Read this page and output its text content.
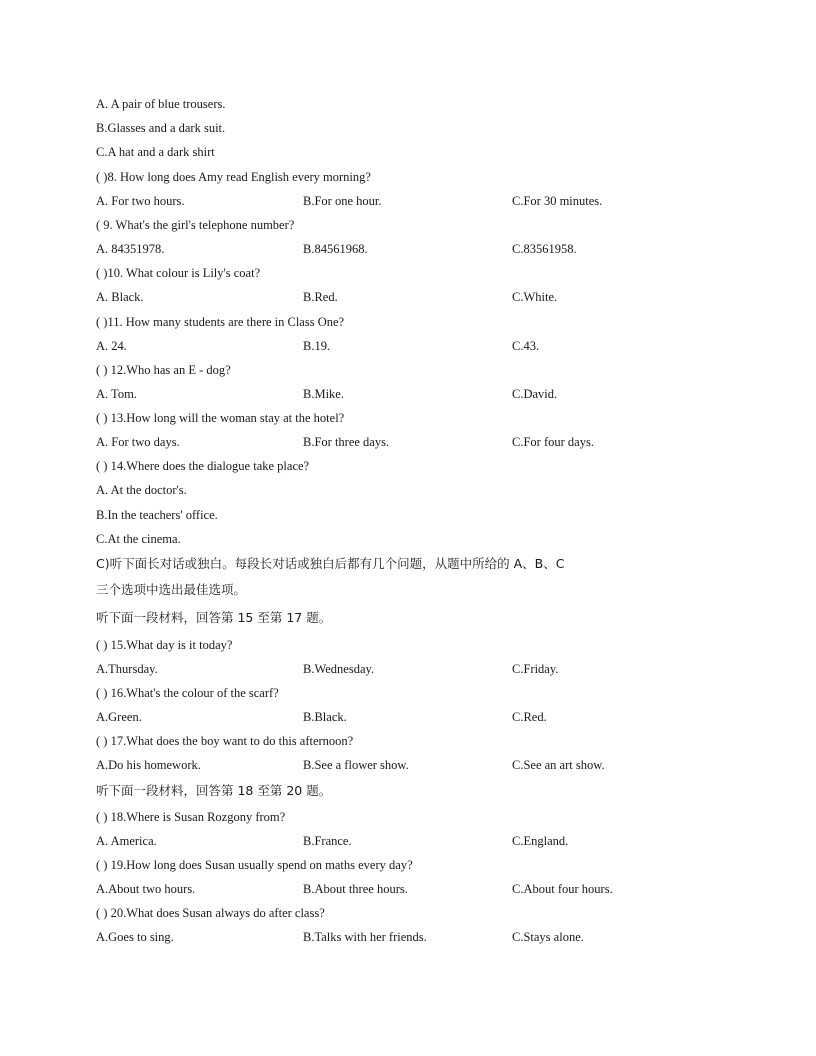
A. A pair of blue trousers.
B.Glasses and a dark suit.
C.A hat and a dark shirt
( )8. How long does Amy read English every morning?
A. For two hours.	B.For one hour.	C.For 30 minutes.
( 9. What's the girl's telephone number?
A. 84351978.	B.84561968.	C.83561958.
( )10. What colour is Lily's coat?
A. Black.	B.Red.	C.White.
( )11. How many students are there in Class One?
A. 24.	B.19.	C.43.
( ) 12.Who has an E - dog?
A. Tom.	B.Mike.	C.David.
( ) 13.How long will the woman stay at the hotel?
A. For two days.	B.For three days.	C.For four days.
( ) 14.Where does the dialogue take place?
A. At the doctor's.
B.In the teachers' office.
C.At the cinema.
C)听下面长对话或独白。每段长对话或独白后都有几个问题，从题中所给的 A、B、C
三个选项中选出最佳选项。
听下面一段材料，回答第 15 至第 17 题。
( ) 15.What day is it today?
A.Thursday.	B.Wednesday.	C.Friday.
( ) 16.What's the colour of the scarf?
A.Green.	B.Black.	C.Red.
( ) 17.What does the boy want to do this afternoon?
A.Do his homework.	B.See a flower show.	C.See an art show.
听下面一段材料，回答第 18 至第 20 题。
( ) 18.Where is Susan Rozgony from?
A. America.	B.France.	C.England.
( ) 19.How long does Susan usually spend on maths every day?
A.About two hours.	B.About three hours.	C.About four hours.
( ) 20.What does Susan always do after class?
A.Goes to sing.	B.Talks with her friends.	C.Stays alone.
